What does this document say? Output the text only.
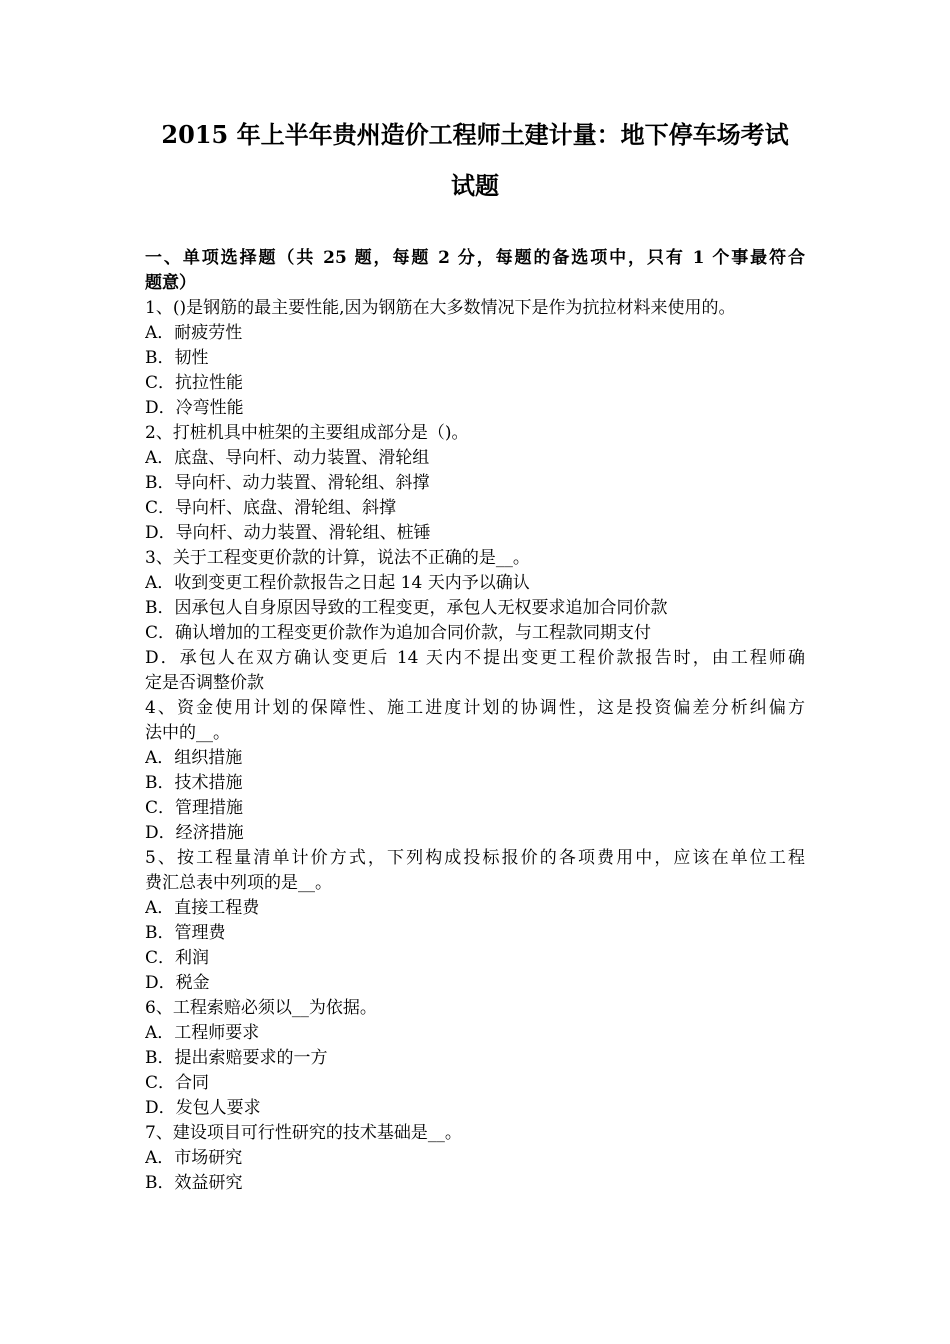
2015 年上半年贵州造价工程师土建计量：地下停车场考试
试题
一、单项选择题（共 25 题，每题 2 分，每题的备选项中，只有 1 个事最符合
题意）
1、()是钢筋的最主要性能,因为钢筋在大多数情况下是作为抗拉材料来使用的。
A．耐疲劳性
B．韧性
C．抗拉性能
D．冷弯性能
2、打桩机具中桩架的主要组成部分是（)。
A．底盘、导向杆、动力装置、滑轮组
B．导向杆、动力装置、滑轮组、斜撑
C．导向杆、底盘、滑轮组、斜撑
D．导向杆、动力装置、滑轮组、桩锤
3、关于工程变更价款的计算，说法不正确的是__。
A．收到变更工程价款报告之日起 14 天内予以确认
B．因承包人自身原因导致的工程变更，承包人无权要求追加合同价款
C．确认增加的工程变更价款作为追加合同价款，与工程款同期支付
D．承包人在双方确认变更后 14 天内不提出变更工程价款报告时，由工程师确
定是否调整价款
4、资金使用计划的保障性、施工进度计划的协调性，这是投资偏差分析纠偏方
法中的__。
A．组织措施
B．技术措施
C．管理措施
D．经济措施
5、按工程量清单计价方式，下列构成投标报价的各项费用中，应该在单位工程
费汇总表中列项的是__。
A．直接工程费
B．管理费
C．利润
D．税金
6、工程索赔必须以__为依据。
A．工程师要求
B．提出索赔要求的一方
C．合同
D．发包人要求
7、建设项目可行性研究的技术基础是__。
A．市场研究
B．效益研究
